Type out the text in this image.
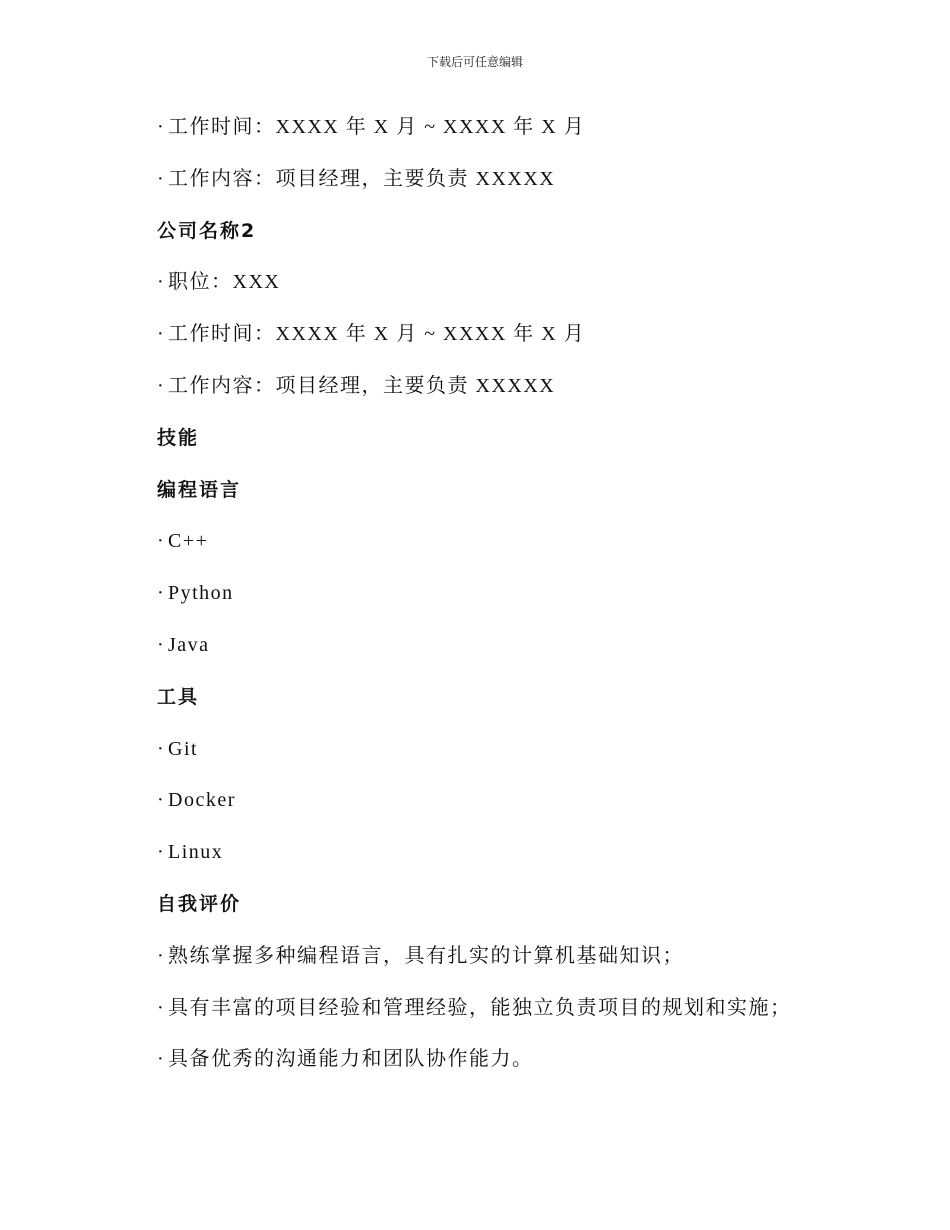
下载后可任意编辑
· 工作时间：XXXX 年 X 月 ~ XXXX 年 X 月
· 工作内容：项目经理，主要负责 XXXXX
公司名称2
· 职位：XXX
· 工作时间：XXXX 年 X 月 ~ XXXX 年 X 月
· 工作内容：项目经理，主要负责 XXXXX
技能
编程语言
· C++
· Python
· Java
工具
· Git
· Docker
· Linux
自我评价
· 熟练掌握多种编程语言，具有扎实的计算机基础知识；
· 具有丰富的项目经验和管理经验，能独立负责项目的规划和实施；
· 具备优秀的沟通能力和团队协作能力。
